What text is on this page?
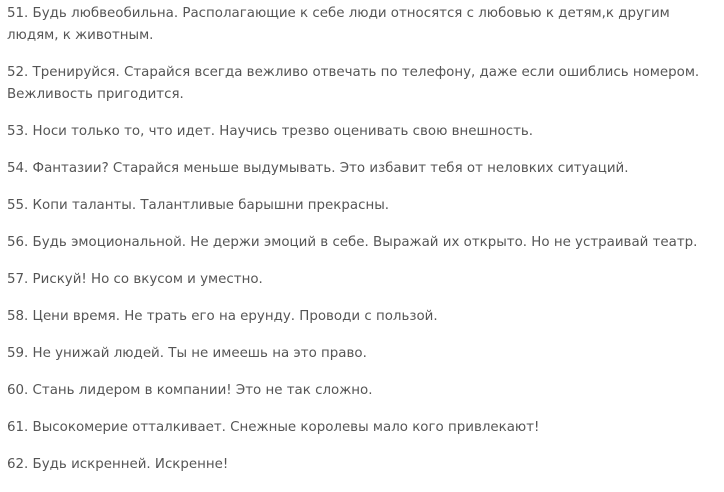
51. Будь любвеобильна. Располагающие к себе люди относятся с любовью к детям,к другим людям, к животным.

52. Тренируйся. Старайся всегда вежливо отвечать по телефону, даже если ошиблись номером. Вежливость пригодится.

53. Носи только то, что идет. Научись трезво оценивать свою внешность.

54. Фантазии? Старайся меньше выдумывать. Это избавит тебя от неловких ситуаций.

55. Копи таланты. Талантливые барышни прекрасны.

56. Будь эмоциональной. Не держи эмоций в себе. Выражай их открыто. Но не устраивай театр.

57. Рискуй! Но со вкусом и уместно.

58. Цени время. Не трать его на ерунду. Проводи с пользой.

59. Не унижай людей. Ты не имеешь на это право.

60. Стань лидером в компании! Это не так сложно.

61. Высокомерие отталкивает. Снежные королевы мало кого привлекают!

62. Будь искренней. Искренне!
